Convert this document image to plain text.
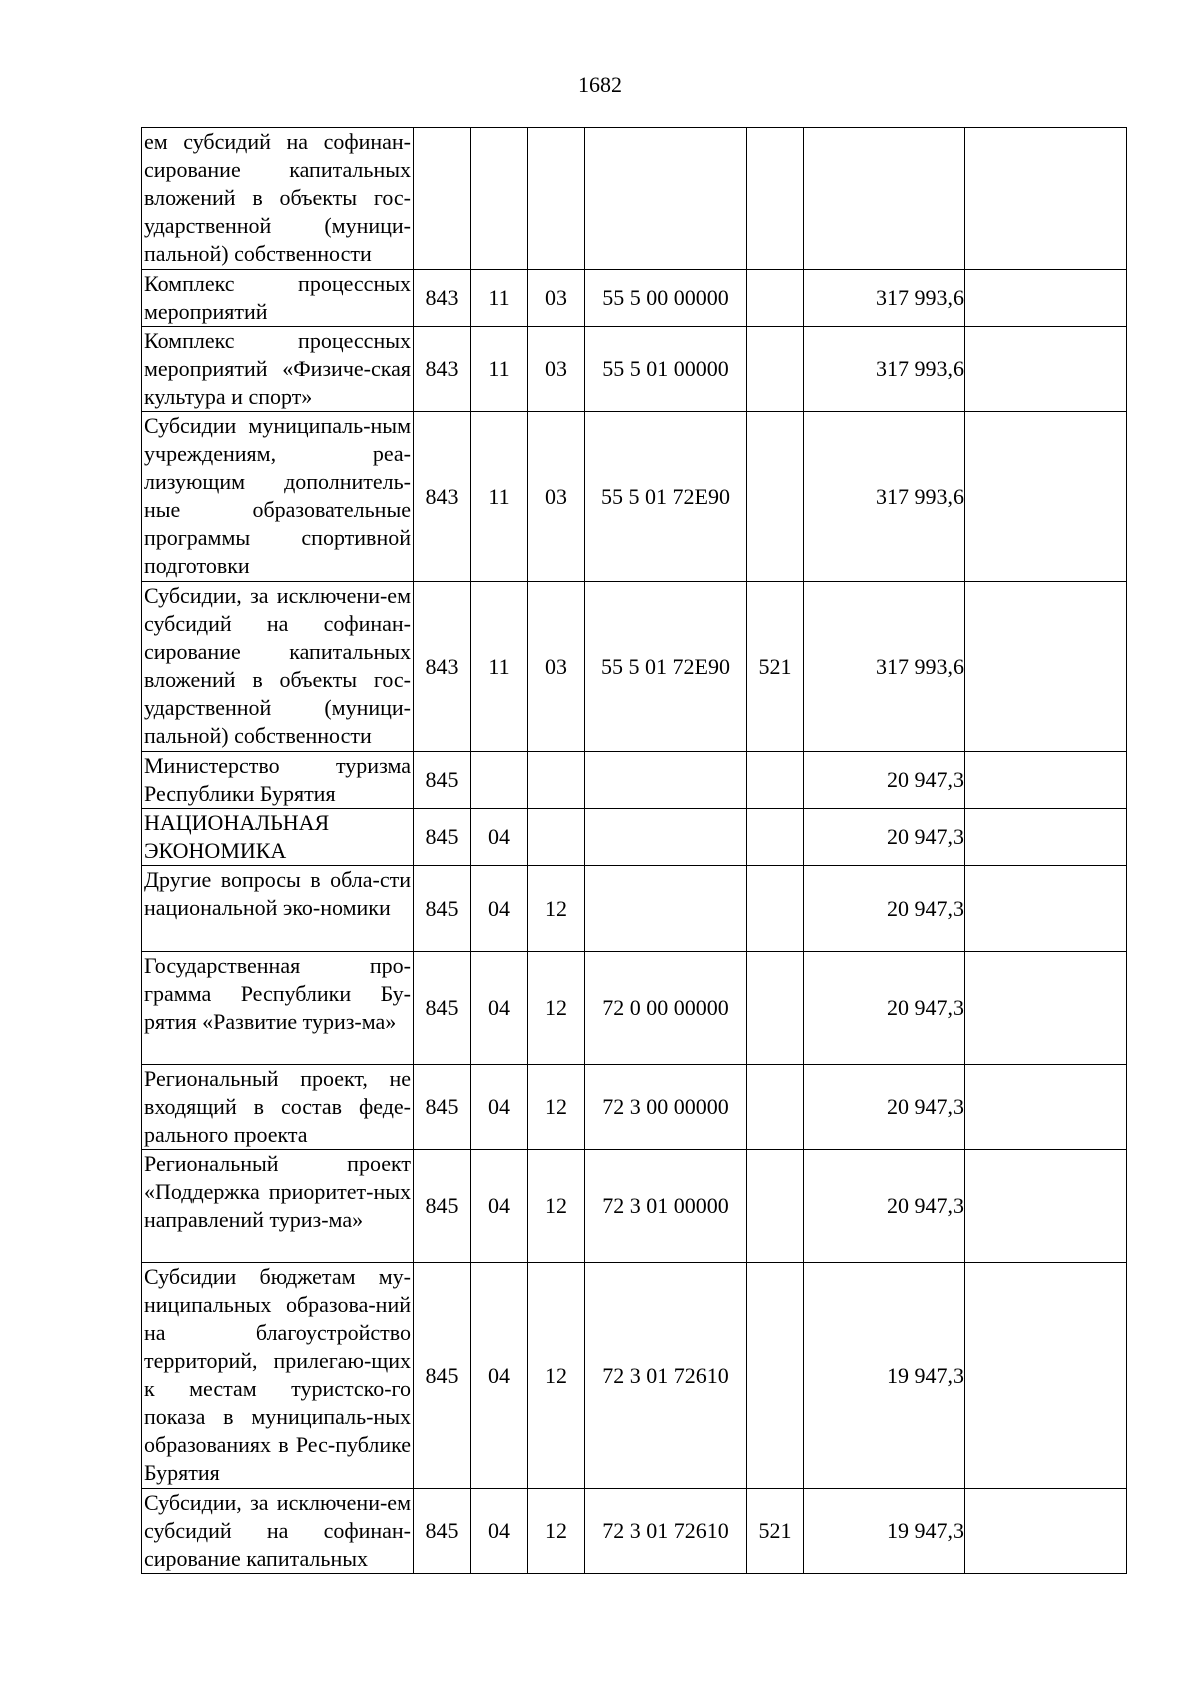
1682
ем субсидий на софинан-сирование капитальных вложений в объекты гос-ударственной (муници-пальной) собственности							
Комплекс процессных мероприятий	843	11	03	55 5 00 00000		317 993,6	
Комплекс процессных мероприятий «Физиче-ская культура и спорт»	843	11	03	55 5 01 00000		317 993,6	
Субсидии муниципаль-ным учреждениям, реа-лизующим дополнитель-ные образовательные программы спортивной подготовки	843	11	03	55 5 01 72Е90		317 993,6	
Субсидии, за исключени-ем субсидий на софинан-сирование капитальных вложений в объекты гос-ударственной (муници-пальной) собственности	843	11	03	55 5 01 72Е90	521	317 993,6	
Министерство туризма Республики Бурятия	845					20 947,3	
НАЦИОНАЛЬНАЯ ЭКОНОМИКА	845	04				20 947,3	
Другие вопросы в обла-сти национальной эко-номики	845	04	12			20 947,3	
Государственная про-грамма Республики Бу-рятия «Развитие туриз-ма»	845	04	12	72 0 00 00000		20 947,3	
Региональный проект, не входящий в состав феде-рального проекта	845	04	12	72 3 00 00000		20 947,3	
Региональный проект «Поддержка приоритет-ных направлений туриз-ма»	845	04	12	72 3 01 00000		20 947,3	
Субсидии бюджетам му-ниципальных образова-ний на благоустройство территорий, прилегаю-щих к местам туристско-го показа в муниципаль-ных образованиях в Рес-публике Бурятия	845	04	12	72 3 01 72610		19 947,3	
Субсидии, за исключени-ем субсидий на софинан-сирование капитальных	845	04	12	72 3 01 72610	521	19 947,3	
